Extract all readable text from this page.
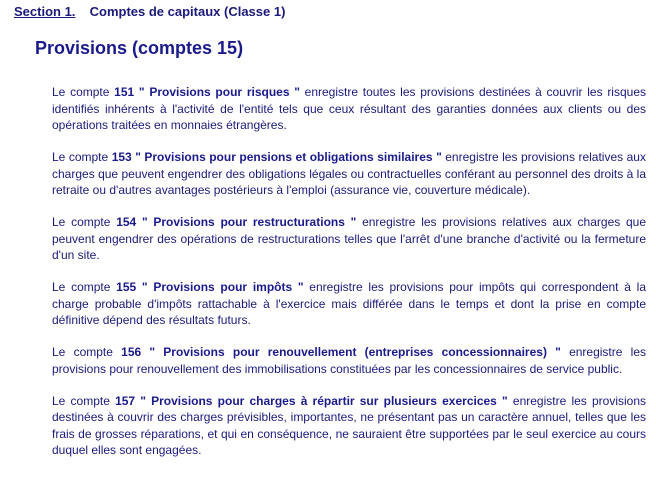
Section 1. Comptes de capitaux (Classe 1)
Provisions (comptes 15)

Le compte 151 " Provisions pour risques " enregistre toutes les provisions destinées à couvrir les risques identifiés inhérents à l'activité de l'entité tels que ceux résultant des garanties données aux clients ou des opérations traitées en monnaies étrangères.

Le compte 153 " Provisions pour pensions et obligations similaires " enregistre les provisions relatives aux charges que peuvent engendrer des obligations légales ou contractuelles conférant au personnel des droits à la retraite ou d'autres avantages postérieurs à l'emploi (assurance vie, couverture médicale).

Le compte 154 " Provisions pour restructurations " enregistre les provisions relatives aux charges que peuvent engendrer des opérations de restructurations telles que l'arrêt d'une branche d'activité ou la fermeture d'un site.

Le compte 155 " Provisions pour impôts " enregistre les provisions pour impôts qui correspondent à la charge probable d'impôts rattachable à l'exercice mais différée dans le temps et dont la prise en compte définitive dépend des résultats futurs.

Le compte 156 " Provisions pour renouvellement (entreprises concessionnaires) " enregistre les provisions pour renouvellement des immobilisations constituées par les concessionnaires de service public.

Le compte 157 " Provisions pour charges à répartir sur plusieurs exercices " enregistre les provisions destinées à couvrir des charges prévisibles, importantes, ne présentant pas un caractère annuel, telles que les frais de grosses réparations, et qui en conséquence, ne sauraient être supportées par le seul exercice au cours duquel elles sont engagées.
